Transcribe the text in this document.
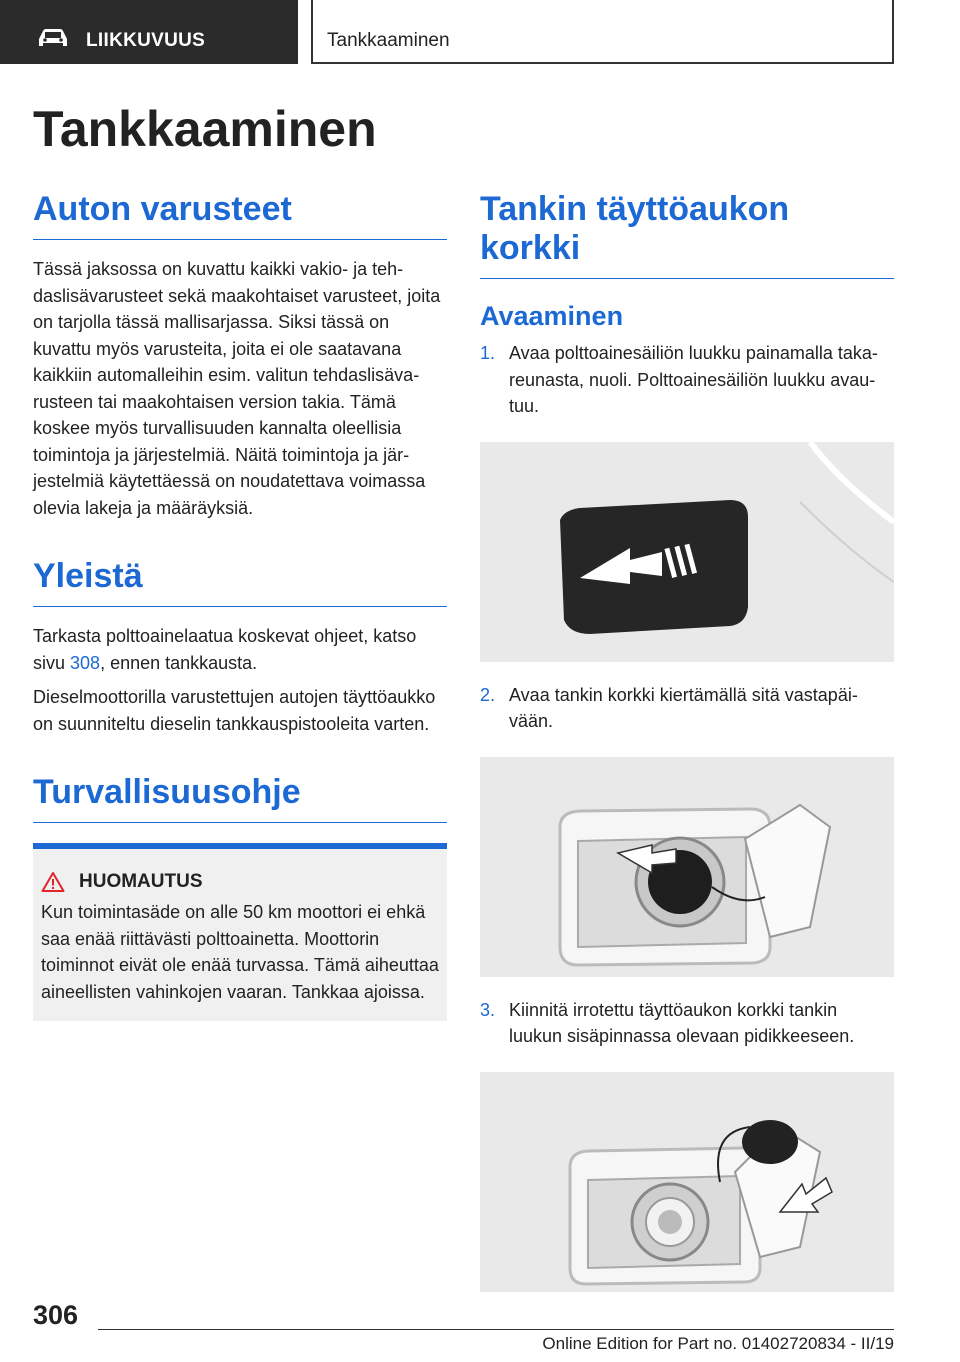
LIIKKUVUUS	Tankkaaminen
Tankkaaminen
Auton varusteet

Tässä jaksossa on kuvattu kaikki vakio- ja tehdaslisävarusteet sekä maakohtaiset varusteet, joita on tarjolla tässä mallisarjassa. Siksi tässä on kuvattu myös varusteita, joita ei ole saatavana kaikkiin automalleihin esim. valitun tehdaslisävarusteen tai maakohtaisen version takia. Tämä koskee myös turvallisuuden kannalta oleellisia toimintoja ja järjestelmiä. Näitä toimintoja ja järjestelmiä käytettäessä on noudatettava voimassa olevia lakeja ja määräyksiä.

Yleistä

Tarkasta polttoainelaatua koskevat ohjeet, katso sivu 308, ennen tankkausta.

Dieselmoottorilla varustettujen autojen täyttöaukko on suunniteltu dieselin tankkauspistooleita varten.

Turvallisuusohje
HUOMAUTUS

Kun toimintasäde on alle 50 km moottori ei ehkä saa enää riittävästi polttoainetta. Moottorin toiminnot eivät ole enää turvassa. Tämä aiheuttaa aineellisten vahinkojen vaaran. Tankkaa ajoissa.

Tankin täyttöaukon korkki
Avaaminen
1. Avaa polttoainesäiliön luukku painamalla takareunasta, nuoli. Polttoainesäiliön luukku avautuu.
2. Avaa tankin korkki kiertämällä sitä vastapäivään.
3. Kiinnitä irrotettu täyttöaukon korkki tankin luukun sisäpinnassa olevaan pidikkeeseen.
306
Online Edition for Part no. 01402720834 - II/19
